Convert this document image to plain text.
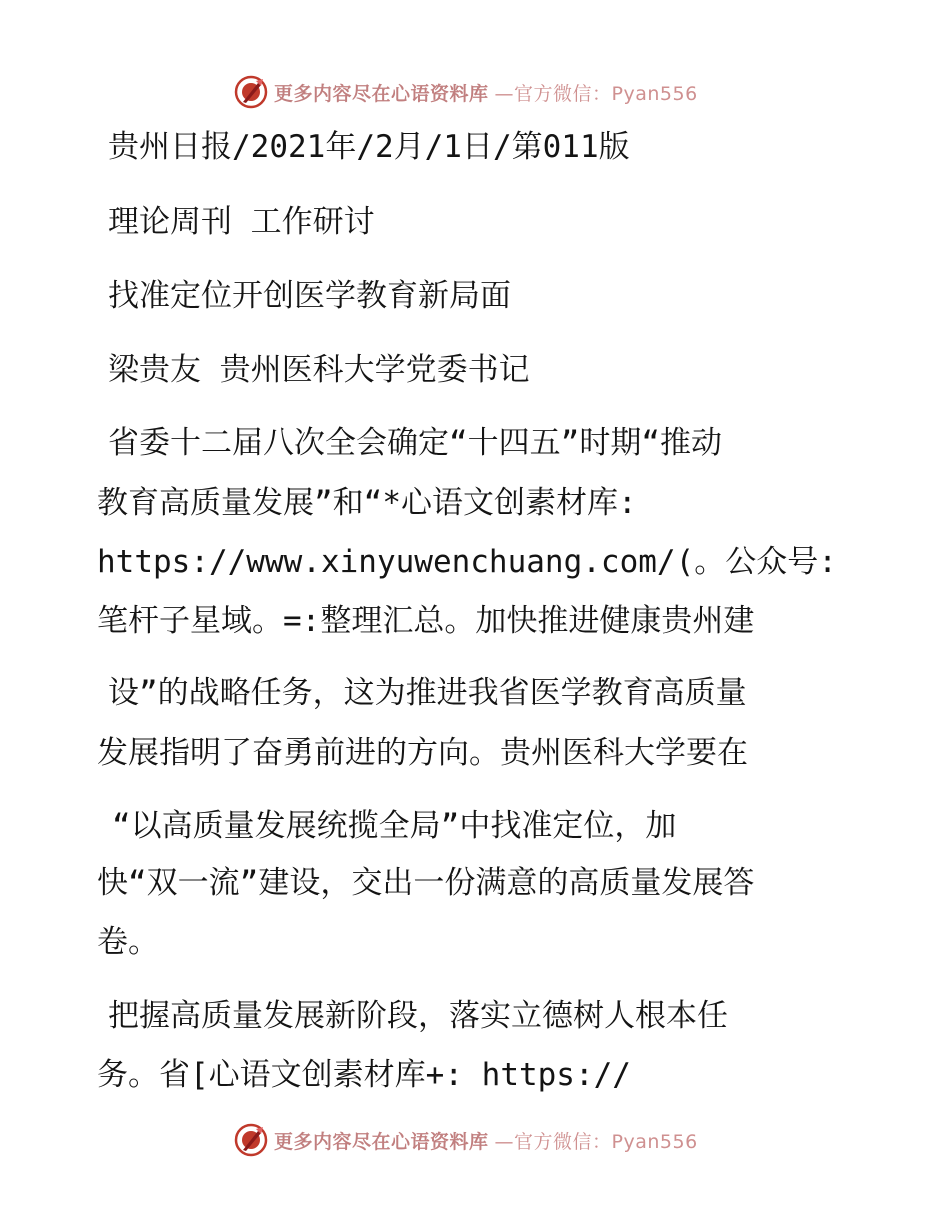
更多内容尽在心语资料库 —官方微信：Pyan556
贵州日报/2021年/2月/1日/第011版
理论周刊 工作研讨
找准定位开创医学教育新局面
梁贵友 贵州医科大学党委书记
省委十二届八次全会确定“十四五”时期“推动
教育高质量发展”和“*心语文创素材库:
https://www.xinyuwenchuang.com/(。公众号:
笔杆子星域。=:整理汇总。加快推进健康贵州建
设”的战略任务，这为推进我省医学教育高质量
发展指明了奋勇前进的方向。贵州医科大学要在
“以高质量发展统揽全局”中找准定位，加
快“双一流”建设，交出一份满意的高质量发展答
卷。
把握高质量发展新阶段，落实立德树人根本任
务。省[心语文创素材库+: https://
更多内容尽在心语资料库 —官方微信：Pyan556
